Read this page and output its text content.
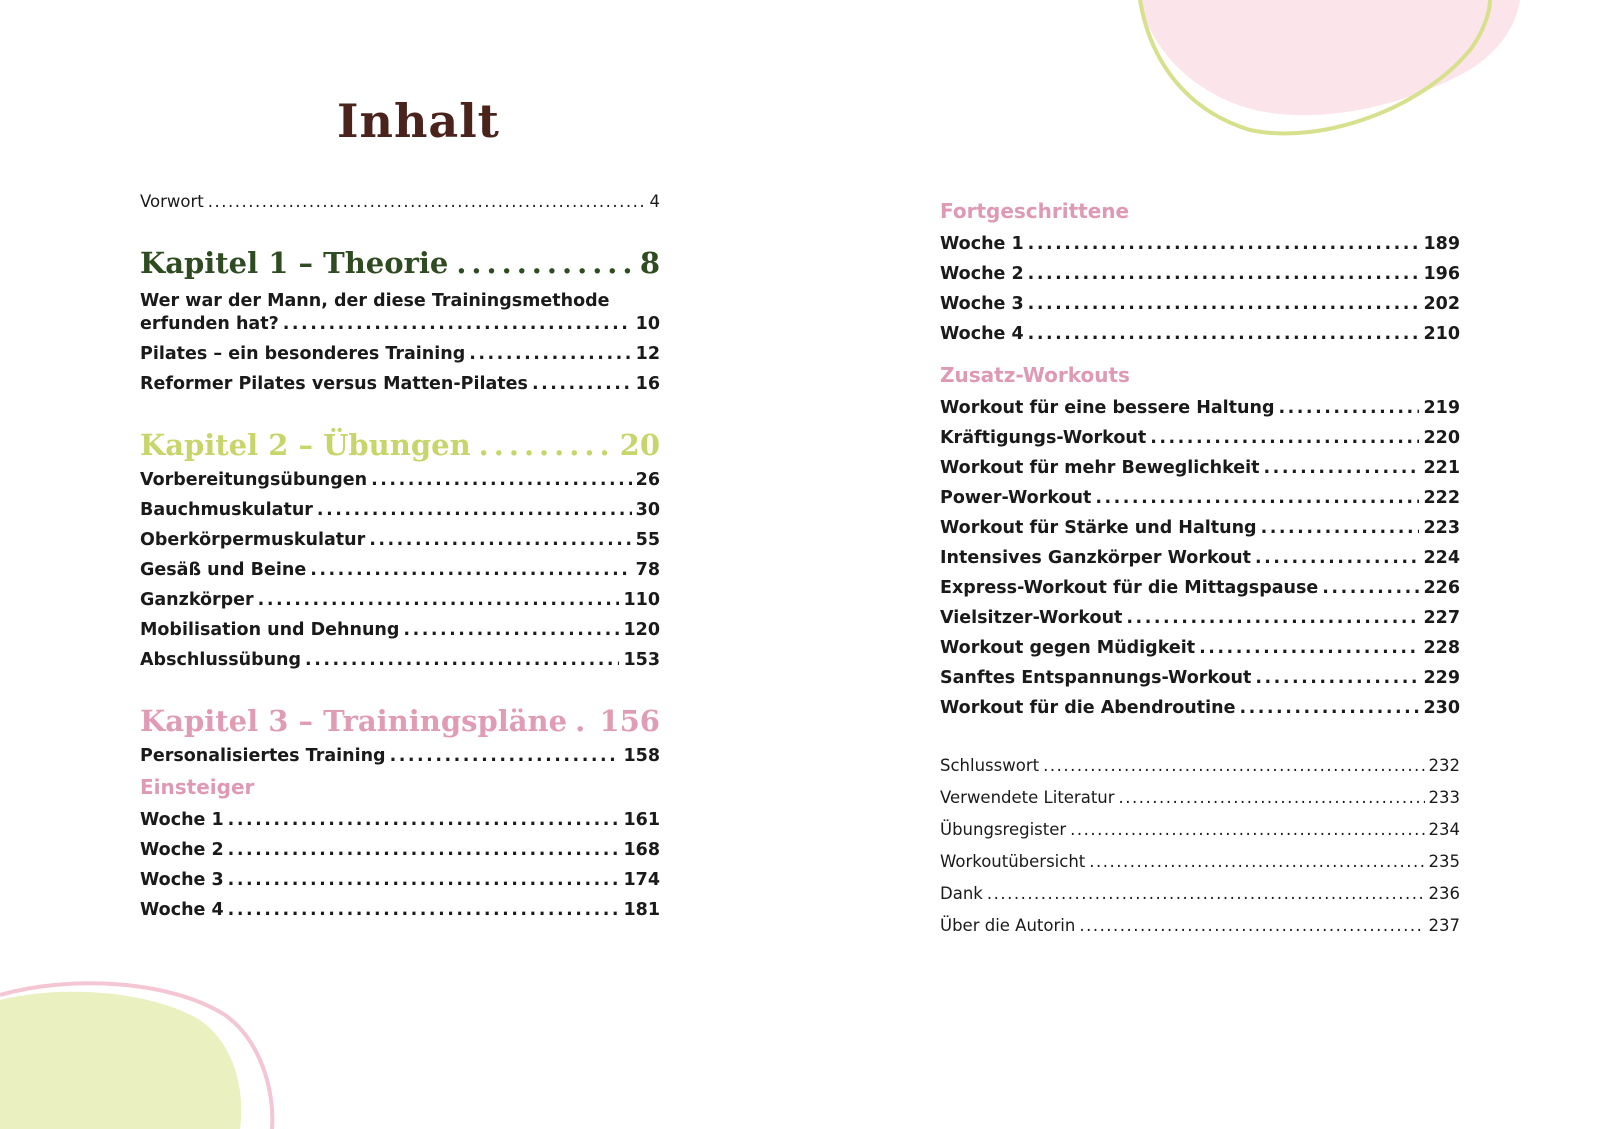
Inhalt
Vorwort .....	4
Kapitel 1 – Theorie .....	8
Wer war der Mann, der diese Trainingsmethode
erfunden hat? .....	10
Pilates – ein besonderes Training .....	12
Reformer Pilates versus Matten-Pilates .....	16
Kapitel 2 – Übungen .....	20
Vorbereitungsübungen .....	26
Bauchmuskulatur .....	30
Oberkörpermuskulatur .....	55
Gesäß und Beine .....	78
Ganzkörper .....	110
Mobilisation und Dehnung .....	120
Abschlussübung .....	153
Kapitel 3 – Trainingspläne ..... 156
Personalisiertes Training .....	158
Einsteiger
Woche 1 .....	161
Woche 2 .....	168
Woche 3 .....	174
Woche 4 .....	181
Fortgeschrittene
Woche 1 .....	189
Woche 2 .....	196
Woche 3 .....	202
Woche 4 .....	210
Zusatz-Workouts
Workout für eine bessere Haltung .....	219
Kräftigungs-Workout .....	220
Workout für mehr Beweglichkeit .....	221
Power-Workout .....	222
Workout für Stärke und Haltung .....	223
Intensives Ganzkörper Workout .....	224
Express-Workout für die Mittagspause .....	226
Vielsitzer-Workout .....	227
Workout gegen Müdigkeit .....	228
Sanftes Entspannungs-Workout .....	229
Workout für die Abendroutine .....	230
Schlusswort .....	232
Verwendete Literatur .....	233
Übungsregister .....	234
Workoutübersicht .....	235
Dank .....	236
Über die Autorin .....	237
